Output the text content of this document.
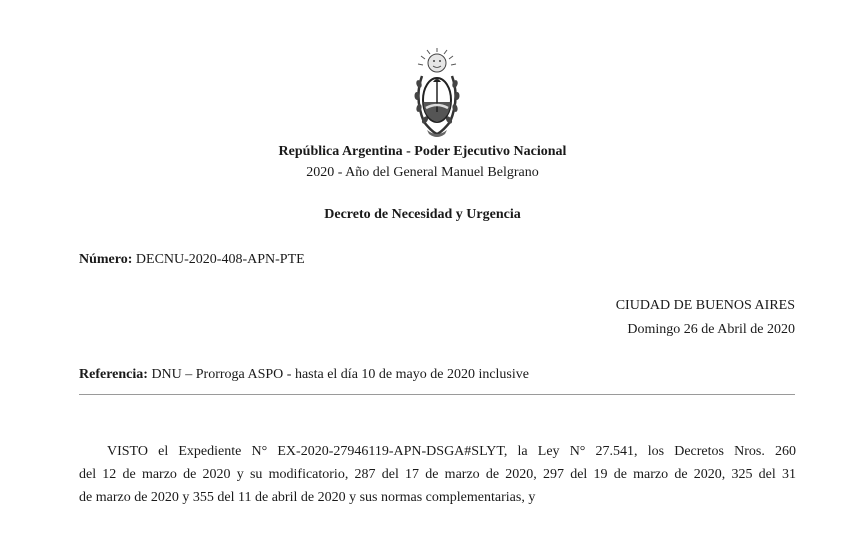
República Argentina - Poder Ejecutivo Nacional
2020 - Año del General Manuel Belgrano
Decreto de Necesidad y Urgencia
Número: DECNU-2020-408-APN-PTE
CIUDAD DE BUENOS AIRES
Domingo 26 de Abril de 2020
Referencia: DNU – Prorroga ASPO - hasta el día 10 de mayo de 2020 inclusive
VISTO el Expediente N° EX-2020-27946119-APN-DSGA#SLYT, la Ley N° 27.541, los Decretos Nros. 260
del 12 de marzo de 2020 y su modificatorio, 287 del 17 de marzo de 2020, 297 del 19 de marzo de 2020, 325 del 31
de marzo de 2020 y 355 del 11 de abril de 2020 y sus normas complementarias, y
